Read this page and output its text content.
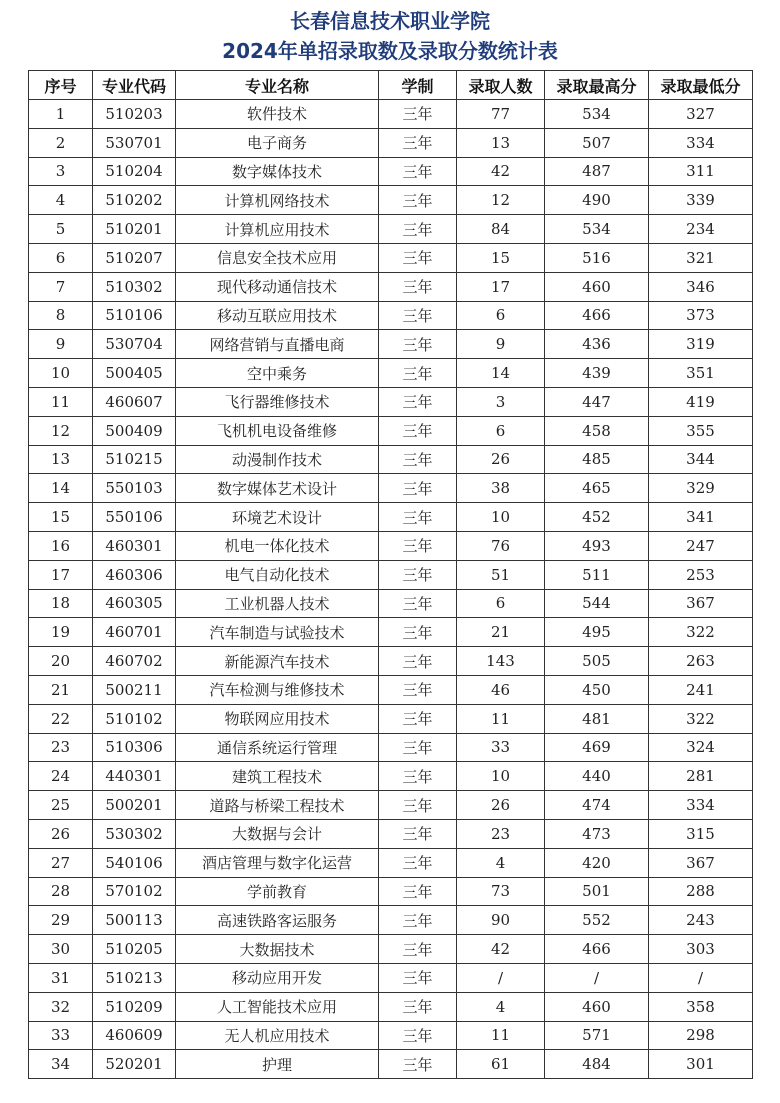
长春信息技术职业学院
2024年单招录取数及录取分数统计表
序号	专业代码	专业名称	学制	录取人数	录取最高分	录取最低分
1	510203	软件技术	三年	77	534	327
2	530701	电子商务	三年	13	507	334
3	510204	数字媒体技术	三年	42	487	311
4	510202	计算机网络技术	三年	12	490	339
5	510201	计算机应用技术	三年	84	534	234
6	510207	信息安全技术应用	三年	15	516	321
7	510302	现代移动通信技术	三年	17	460	346
8	510106	移动互联应用技术	三年	6	466	373
9	530704	网络营销与直播电商	三年	9	436	319
10	500405	空中乘务	三年	14	439	351
11	460607	飞行器维修技术	三年	3	447	419
12	500409	飞机机电设备维修	三年	6	458	355
13	510215	动漫制作技术	三年	26	485	344
14	550103	数字媒体艺术设计	三年	38	465	329
15	550106	环境艺术设计	三年	10	452	341
16	460301	机电一体化技术	三年	76	493	247
17	460306	电气自动化技术	三年	51	511	253
18	460305	工业机器人技术	三年	6	544	367
19	460701	汽车制造与试验技术	三年	21	495	322
20	460702	新能源汽车技术	三年	143	505	263
21	500211	汽车检测与维修技术	三年	46	450	241
22	510102	物联网应用技术	三年	11	481	322
23	510306	通信系统运行管理	三年	33	469	324
24	440301	建筑工程技术	三年	10	440	281
25	500201	道路与桥梁工程技术	三年	26	474	334
26	530302	大数据与会计	三年	23	473	315
27	540106	酒店管理与数字化运营	三年	4	420	367
28	570102	学前教育	三年	73	501	288
29	500113	高速铁路客运服务	三年	90	552	243
30	510205	大数据技术	三年	42	466	303
31	510213	移动应用开发	三年	/	/	/
32	510209	人工智能技术应用	三年	4	460	358
33	460609	无人机应用技术	三年	11	571	298
34	520201	护理	三年	61	484	301
